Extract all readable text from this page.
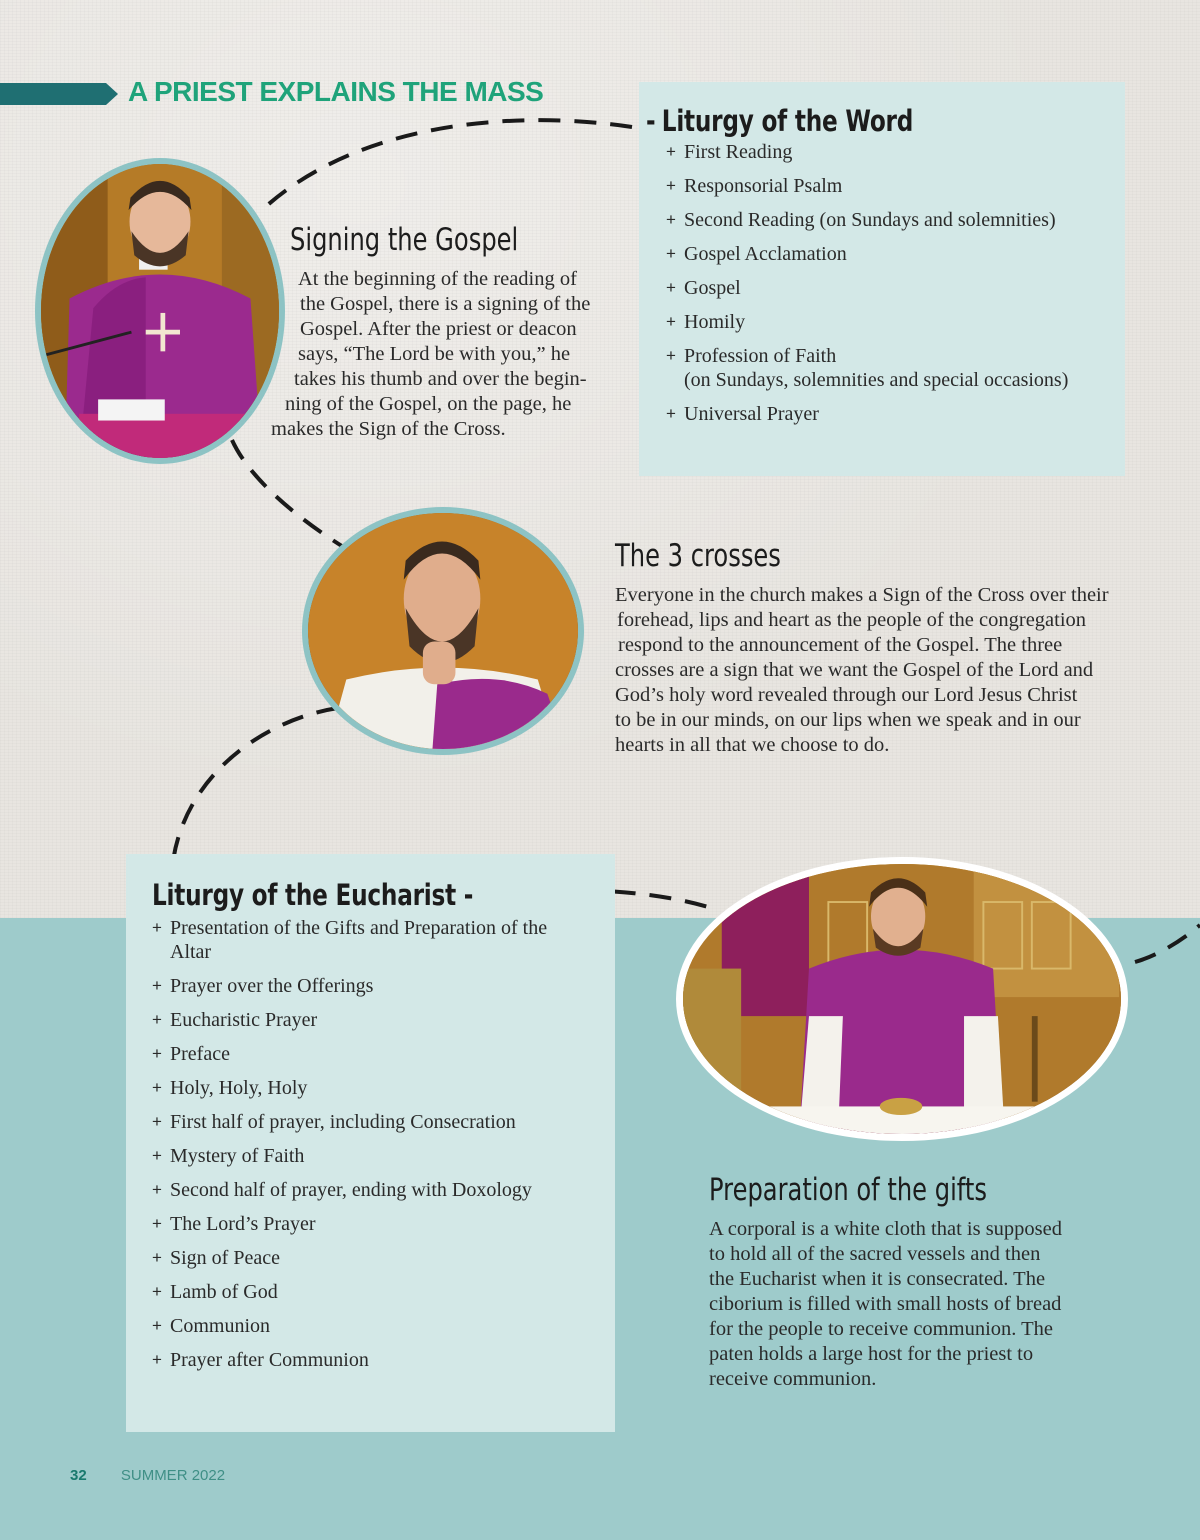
A PRIEST EXPLAINS THE MASS
- Liturgy of the Word
+ First Reading
+ Responsorial Psalm
+ Second Reading (on Sundays and solemnities)
+ Gospel Acclamation
+ Gospel
+ Homily
+ Profession of Faith
(on Sundays, solemnities and special occasions)
+ Universal Prayer
Signing the Gospel
At the beginning of the reading of
the Gospel, there is a signing of the
Gospel. After the priest or deacon
says, “The Lord be with you,” he
takes his thumb and over the begin-
ning of the Gospel, on the page, he
makes the Sign of the Cross.
The 3 crosses
Everyone in the church makes a Sign of the Cross over their
forehead, lips and heart as the people of the congregation
respond to the announcement of the Gospel. The three
crosses are a sign that we want the Gospel of the Lord and
God’s holy word revealed through our Lord Jesus Christ
to be in our minds, on our lips when we speak and in our
hearts in all that we choose to do.
Liturgy of the Eucharist -
+ Presentation of the Gifts and Preparation of the
Altar
+ Prayer over the Offerings
+ Eucharistic Prayer
+ Preface
+ Holy, Holy, Holy
+ First half of prayer, including Consecration
+ Mystery of Faith
+ Second half of prayer, ending with Doxology
+ The Lord’s Prayer
+ Sign of Peace
+ Lamb of God
+ Communion
+ Prayer after Communion
Preparation of the gifts
A corporal is a white cloth that is supposed
to hold all of the sacred vessels and then
the Eucharist when it is consecrated. The
ciborium is filled with small hosts of bread
for the people to receive communion. The
paten holds a large host for the priest to
receive communion.
32 SUMMER 2022
